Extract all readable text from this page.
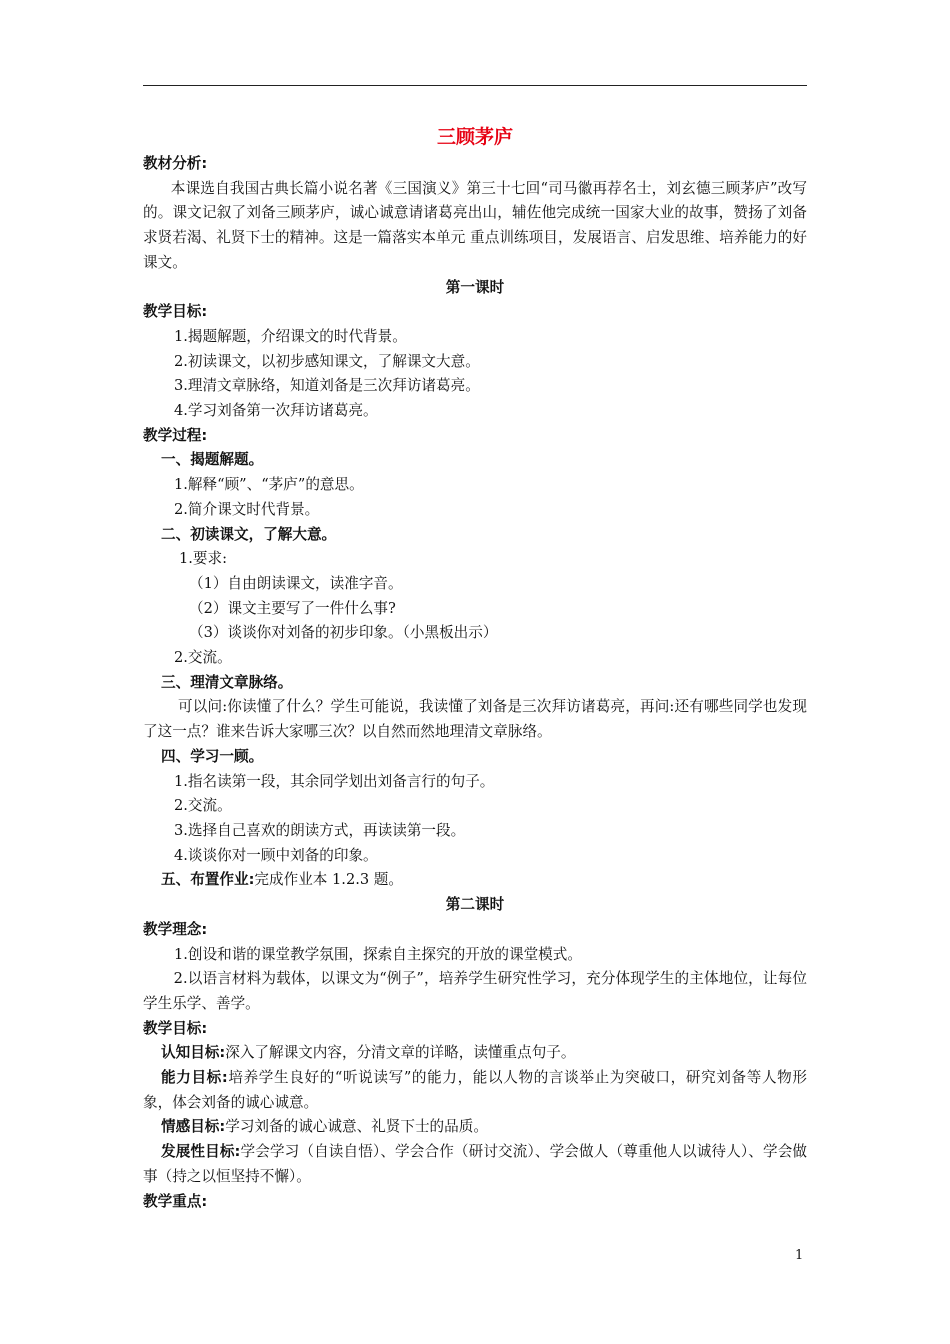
三顾茅庐
教材分析:
本课选自我国古典长篇小说名著《三国演义》第三十七回“司马徽再荐名士，刘玄德三顾茅庐”改写的。课文记叙了刘备三顾茅庐，诚心诚意请诸葛亮出山，辅佐他完成统一国家大业的故事，赞扬了刘备求贤若渴、礼贤下士的精神。这是一篇落实本单元 重点训练项目，发展语言、启发思维、培养能力的好课文。
第一课时
教学目标:
1.揭题解题，介绍课文的时代背景。
2.初读课文，以初步感知课文，了解课文大意。
3.理清文章脉络，知道刘备是三次拜访诸葛亮。
4.学习刘备第一次拜访诸葛亮。
教学过程:
一、揭题解题。
1.解释“顾”、“茅庐”的意思。
2.简介课文时代背景。
二、初读课文，了解大意。
1.要求:
（1）自由朗读课文，读准字音。
（2）课文主要写了一件什么事?
（3）谈谈你对刘备的初步印象。（小黑板出示）
2.交流。
三、理清文章脉络。
可以问:你读懂了什么？学生可能说，我读懂了刘备是三次拜访诸葛亮，再问:还有哪些同学也发现了这一点？谁来告诉大家哪三次？以自然而然地理清文章脉络。
四、学习一顾。
1.指名读第一段，其余同学划出刘备言行的句子。
2.交流。
3.选择自己喜欢的朗读方式，再读读第一段。
4.谈谈你对一顾中刘备的印象。
五、布置作业:完成作业本 1.2.3 题。
第二课时
教学理念:
1.创设和谐的课堂教学氛围，探索自主探究的开放的课堂模式。
2.以语言材料为载体，以课文为“例子”，培养学生研究性学习，充分体现学生的主体地位，让每位学生乐学、善学。
教学目标:
认知目标:深入了解课文内容，分清文章的详略，读懂重点句子。
能力目标:培养学生良好的“听说读写”的能力，能以人物的言谈举止为突破口，研究刘备等人物形象，体会刘备的诚心诚意。
情感目标:学习刘备的诚心诚意、礼贤下士的品质。
发展性目标:学会学习（自读自悟）、学会合作（研讨交流）、学会做人（尊重他人以诚待人）、学会做事（持之以恒坚持不懈）。
教学重点:
1
